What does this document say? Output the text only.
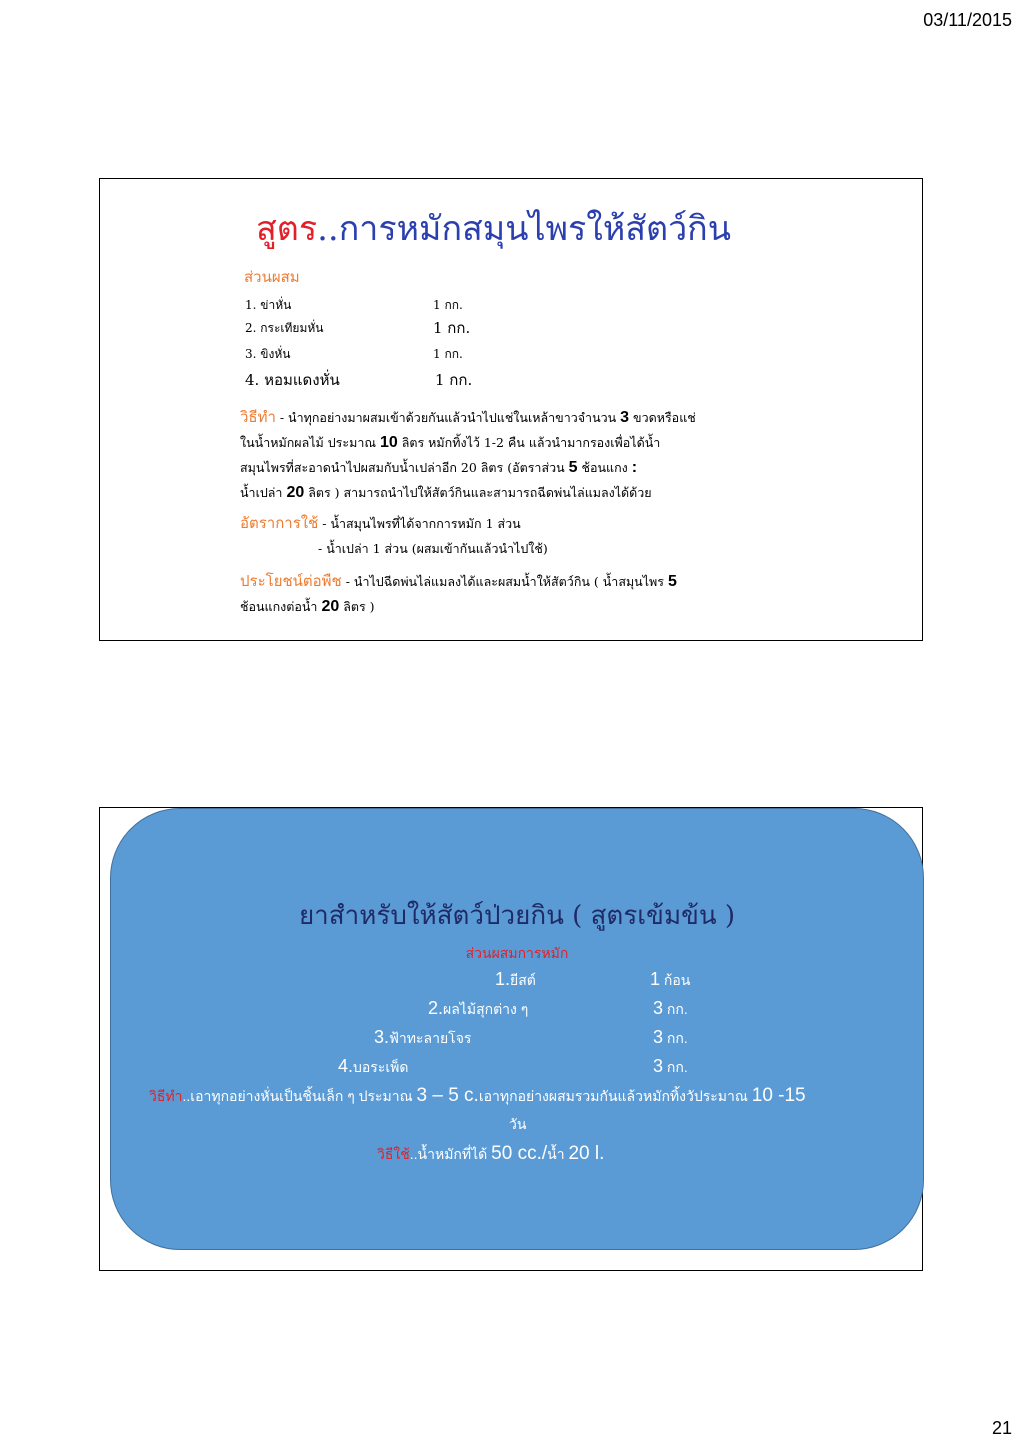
03/11/2015
สูตร..การหมักสมุนไพรให้สัตว์กิน
ส่วนผสม
1. ข่าหั่น	1 กก.
2. กระเทียมหั่น	1 กก.
3. ขิงหั่น	1 กก.
4. หอมแดงหั่น	1 กก.
วิธีทำ - นำทุกอย่างมาผสมเข้าด้วยกันแล้วนำไปแช่ในเหล้าขาวจำนวน 3 ขวดหรือแช่
ในน้ำหมักผลไม้ ประมาณ 10 ลิตร หมักทิ้งไว้ 1-2 คืน แล้วนำมากรองเพื่อได้น้ำ
สมุนไพรที่สะอาดนำไปผสมกับน้ำเปล่าอีก 20 ลิตร (อัตราส่วน 5 ช้อนแกง :
น้ำเปล่า 20 ลิตร ) สามารถนำไปให้สัตว์กินและสามารถฉีดพ่นไล่แมลงได้ด้วย
อัตราการใช้ - น้ำสมุนไพรที่ได้จากการหมัก 1 ส่วน
- น้ำเปล่า 1 ส่วน (ผสมเข้ากันแล้วนำไปใช้)
ประโยชน์ต่อพืช - นำไปฉีดพ่นไล่แมลงได้และผสมน้ำให้สัตว์กิน ( น้ำสมุนไพร 5
ช้อนแกงต่อน้ำ 20 ลิตร )
ยาสำหรับให้สัตว์ป่วยกิน ( สูตรเข้มข้น )
ส่วนผสมการหมัก
1.ยีสต์	1 ก้อน
2.ผลไม้สุกต่าง ๆ	3 กก.
3.ฟ้าทะลายโจร	3 กก.
4.บอระเพ็ด	3 กก.
วิธีทำ..เอาทุกอย่างหั่นเป็นชิ้นเล็ก ๆ ประมาณ 3 – 5 c.เอาทุกอย่างผสมรวมกันแล้วหมักทิ้งวัประมาณ 10 -15
วัน
วิธีใช้..น้ำหมักที่ได้ 50 cc./น้ำ 20 l.
21
